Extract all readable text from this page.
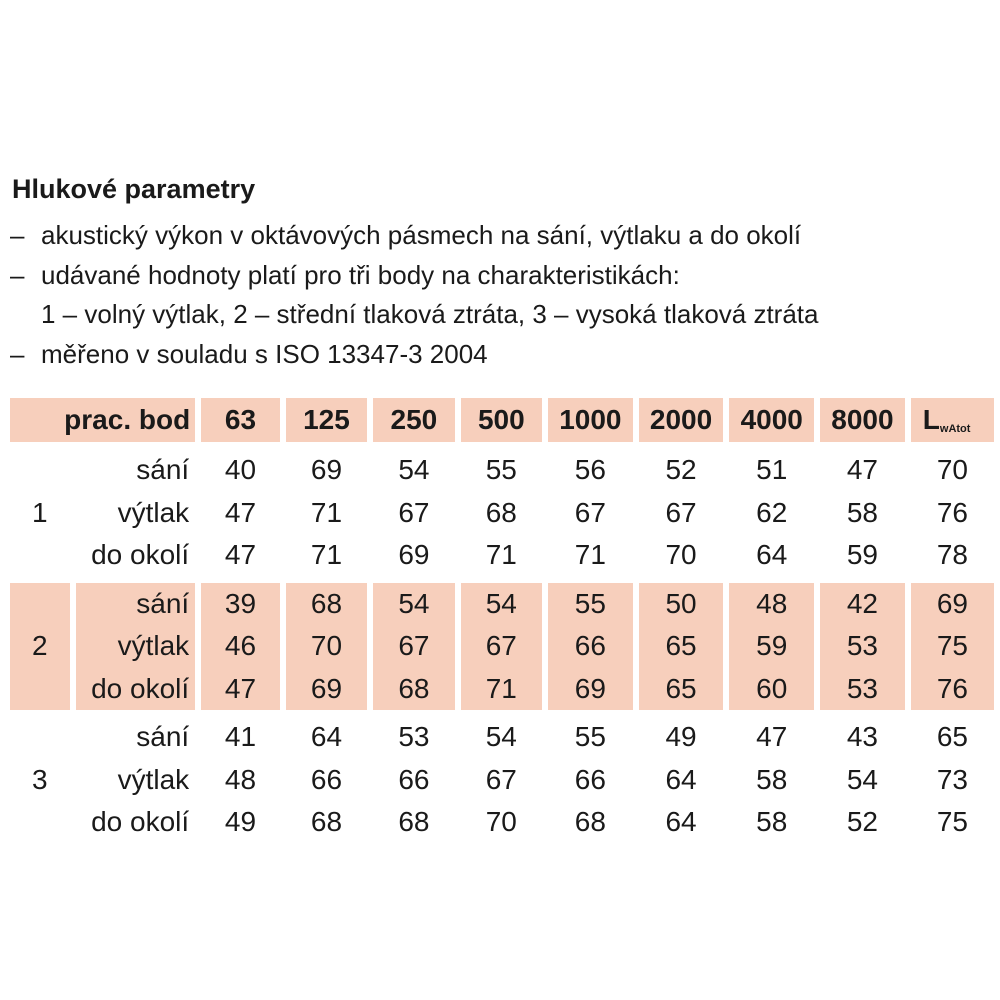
Hlukové parametry
– akustický výkon v oktávových pásmech na sání, výtlaku a do okolí
– udávané hodnoty platí pro tři body na charakteristikách:
1 – volný výtlak, 2 – střední tlaková ztráta, 3 – vysoká tlaková ztráta
– měřeno v souladu s ISO 13347-3 2004
prac. bod		63	125	250	500	1000	2000	4000	8000	$L_{wAtot}$

1	sání	40	69	54	55	56	52	51	47	70
	výtlak	47	71	67	68	67	67	62	58	76
	do okolí	47	71	69	71	71	70	64	59	78

2	sání	39	68	54	54	55	50	48	42	69
	výtlak	46	70	67	67	66	65	59	53	75
	do okolí	47	69	68	71	69	65	60	53	76

3	sání	41	64	53	54	55	49	47	43	65
	výtlak	48	66	66	67	66	64	58	54	73
	do okolí	49	68	68	70	68	64	58	52	75
